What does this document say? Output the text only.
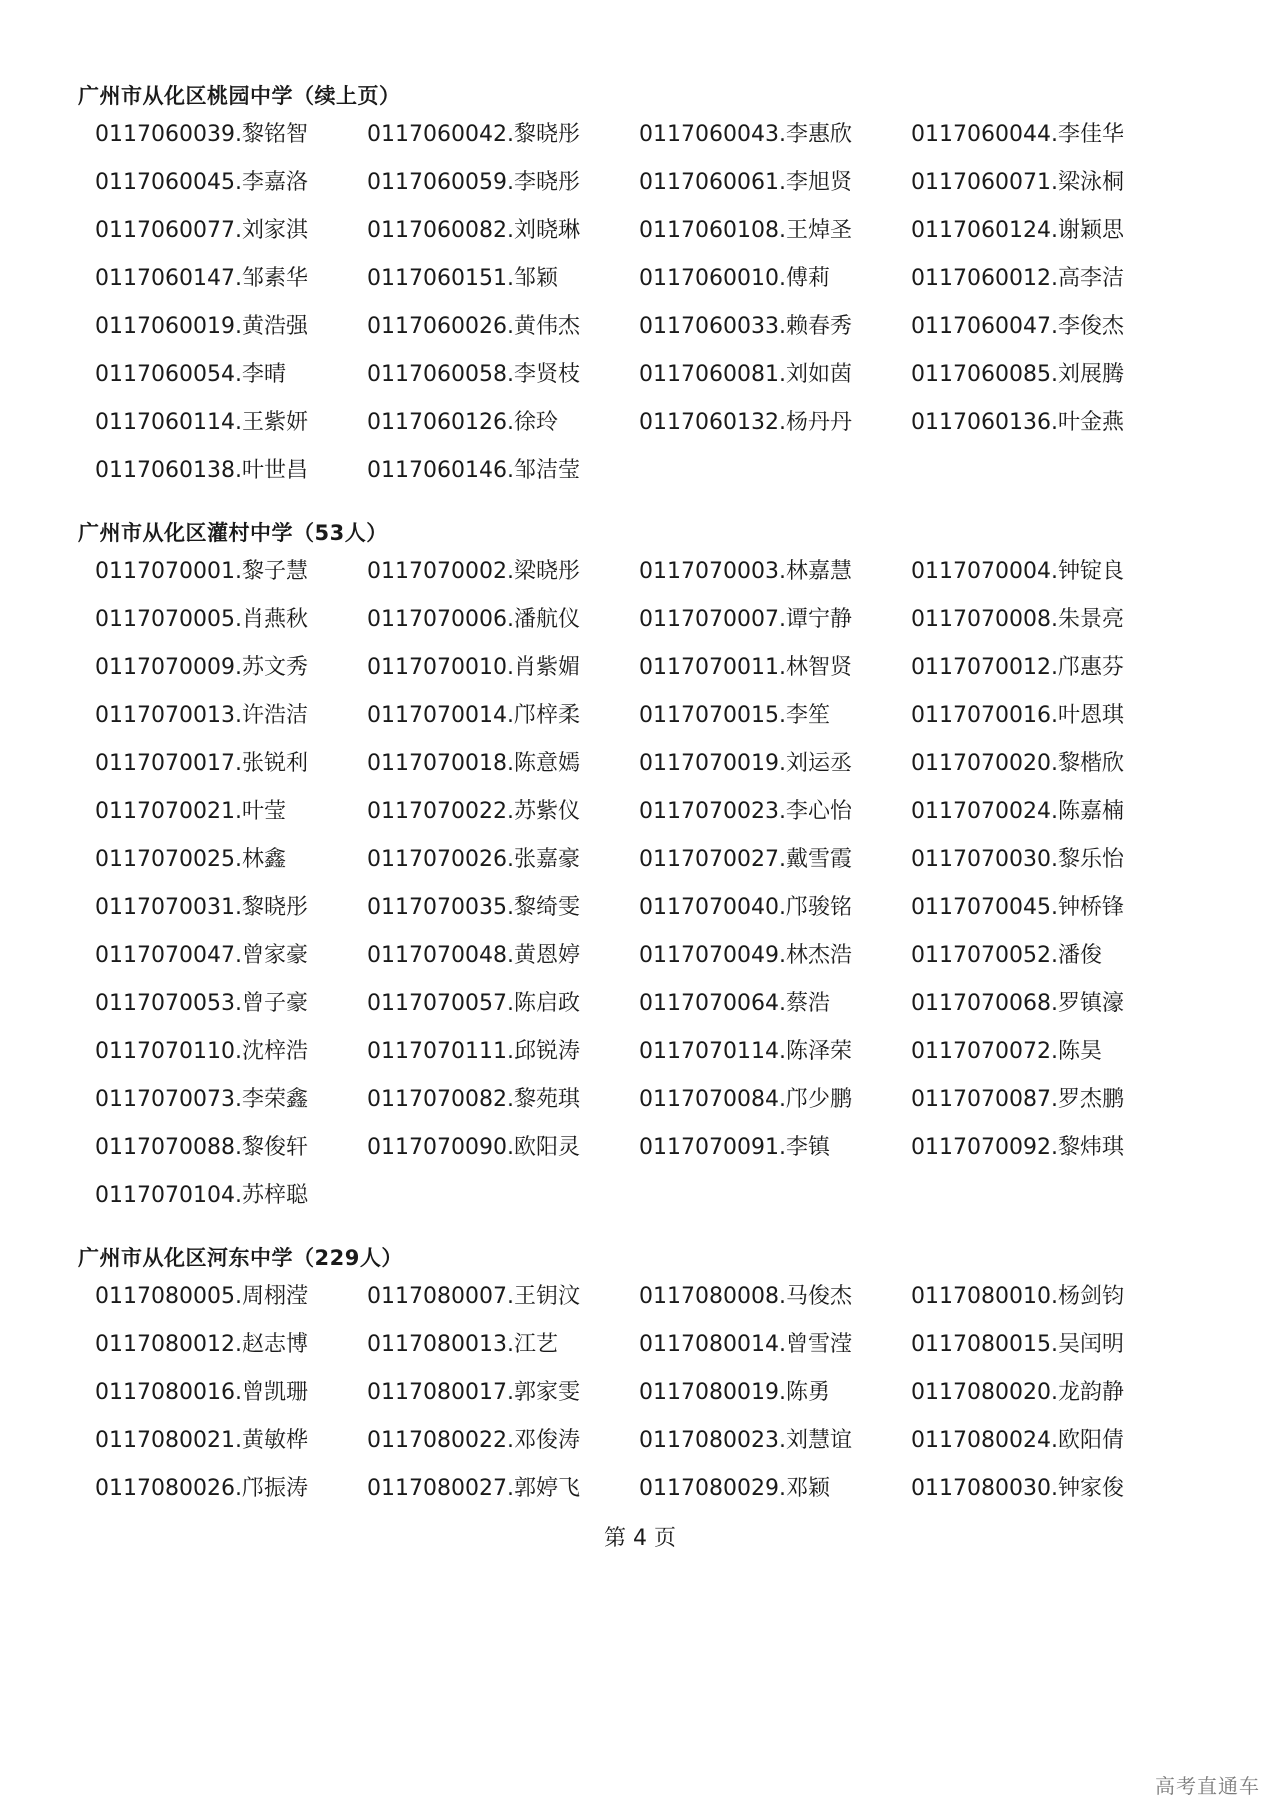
广州市从化区桃园中学（续上页）
0117060039.黎铭智	0117060042.黎晓彤	0117060043.李惠欣	0117060044.李佳华
0117060045.李嘉洛	0117060059.李晓彤	0117060061.李旭贤	0117060071.梁泳桐
0117060077.刘家淇	0117060082.刘晓琳	0117060108.王焯圣	0117060124.谢颖思
0117060147.邹素华	0117060151.邹颖	0117060010.傅莉	0117060012.高李洁
0117060019.黄浩强	0117060026.黄伟杰	0117060033.赖春秀	0117060047.李俊杰
0117060054.李晴	0117060058.李贤枝	0117060081.刘如茵	0117060085.刘展腾
0117060114.王紫妍	0117060126.徐玲	0117060132.杨丹丹	0117060136.叶金燕
0117060138.叶世昌	0117060146.邹洁莹
广州市从化区灌村中学（53人）
0117070001.黎子慧	0117070002.梁晓彤	0117070003.林嘉慧	0117070004.钟锭良
0117070005.肖燕秋	0117070006.潘航仪	0117070007.谭宁静	0117070008.朱景亮
0117070009.苏文秀	0117070010.肖紫媚	0117070011.林智贤	0117070012.邝惠芬
0117070013.许浩洁	0117070014.邝梓柔	0117070015.李笙	0117070016.叶恩琪
0117070017.张锐利	0117070018.陈意嫣	0117070019.刘运丞	0117070020.黎楷欣
0117070021.叶莹	0117070022.苏紫仪	0117070023.李心怡	0117070024.陈嘉楠
0117070025.林鑫	0117070026.张嘉豪	0117070027.戴雪霞	0117070030.黎乐怡
0117070031.黎晓彤	0117070035.黎绮雯	0117070040.邝骏铭	0117070045.钟桥锋
0117070047.曾家豪	0117070048.黄恩婷	0117070049.林杰浩	0117070052.潘俊
0117070053.曾子豪	0117070057.陈启政	0117070064.蔡浩	0117070068.罗镇濠
0117070110.沈梓浩	0117070111.邱锐涛	0117070114.陈泽荣	0117070072.陈昊
0117070073.李荣鑫	0117070082.黎苑琪	0117070084.邝少鹏	0117070087.罗杰鹏
0117070088.黎俊轩	0117070090.欧阳灵	0117070091.李镇	0117070092.黎炜琪
0117070104.苏梓聪
广州市从化区河东中学（229人）
0117080005.周栩滢	0117080007.王钥汶	0117080008.马俊杰	0117080010.杨剑钧
0117080012.赵志博	0117080013.江艺	0117080014.曾雪滢	0117080015.吴闰明
0117080016.曾凯珊	0117080017.郭家雯	0117080019.陈勇	0117080020.龙韵静
0117080021.黄敏桦	0117080022.邓俊涛	0117080023.刘慧谊	0117080024.欧阳倩
0117080026.邝振涛	0117080027.郭婷飞	0117080029.邓颖	0117080030.钟家俊
第 4 页
高考直通车
